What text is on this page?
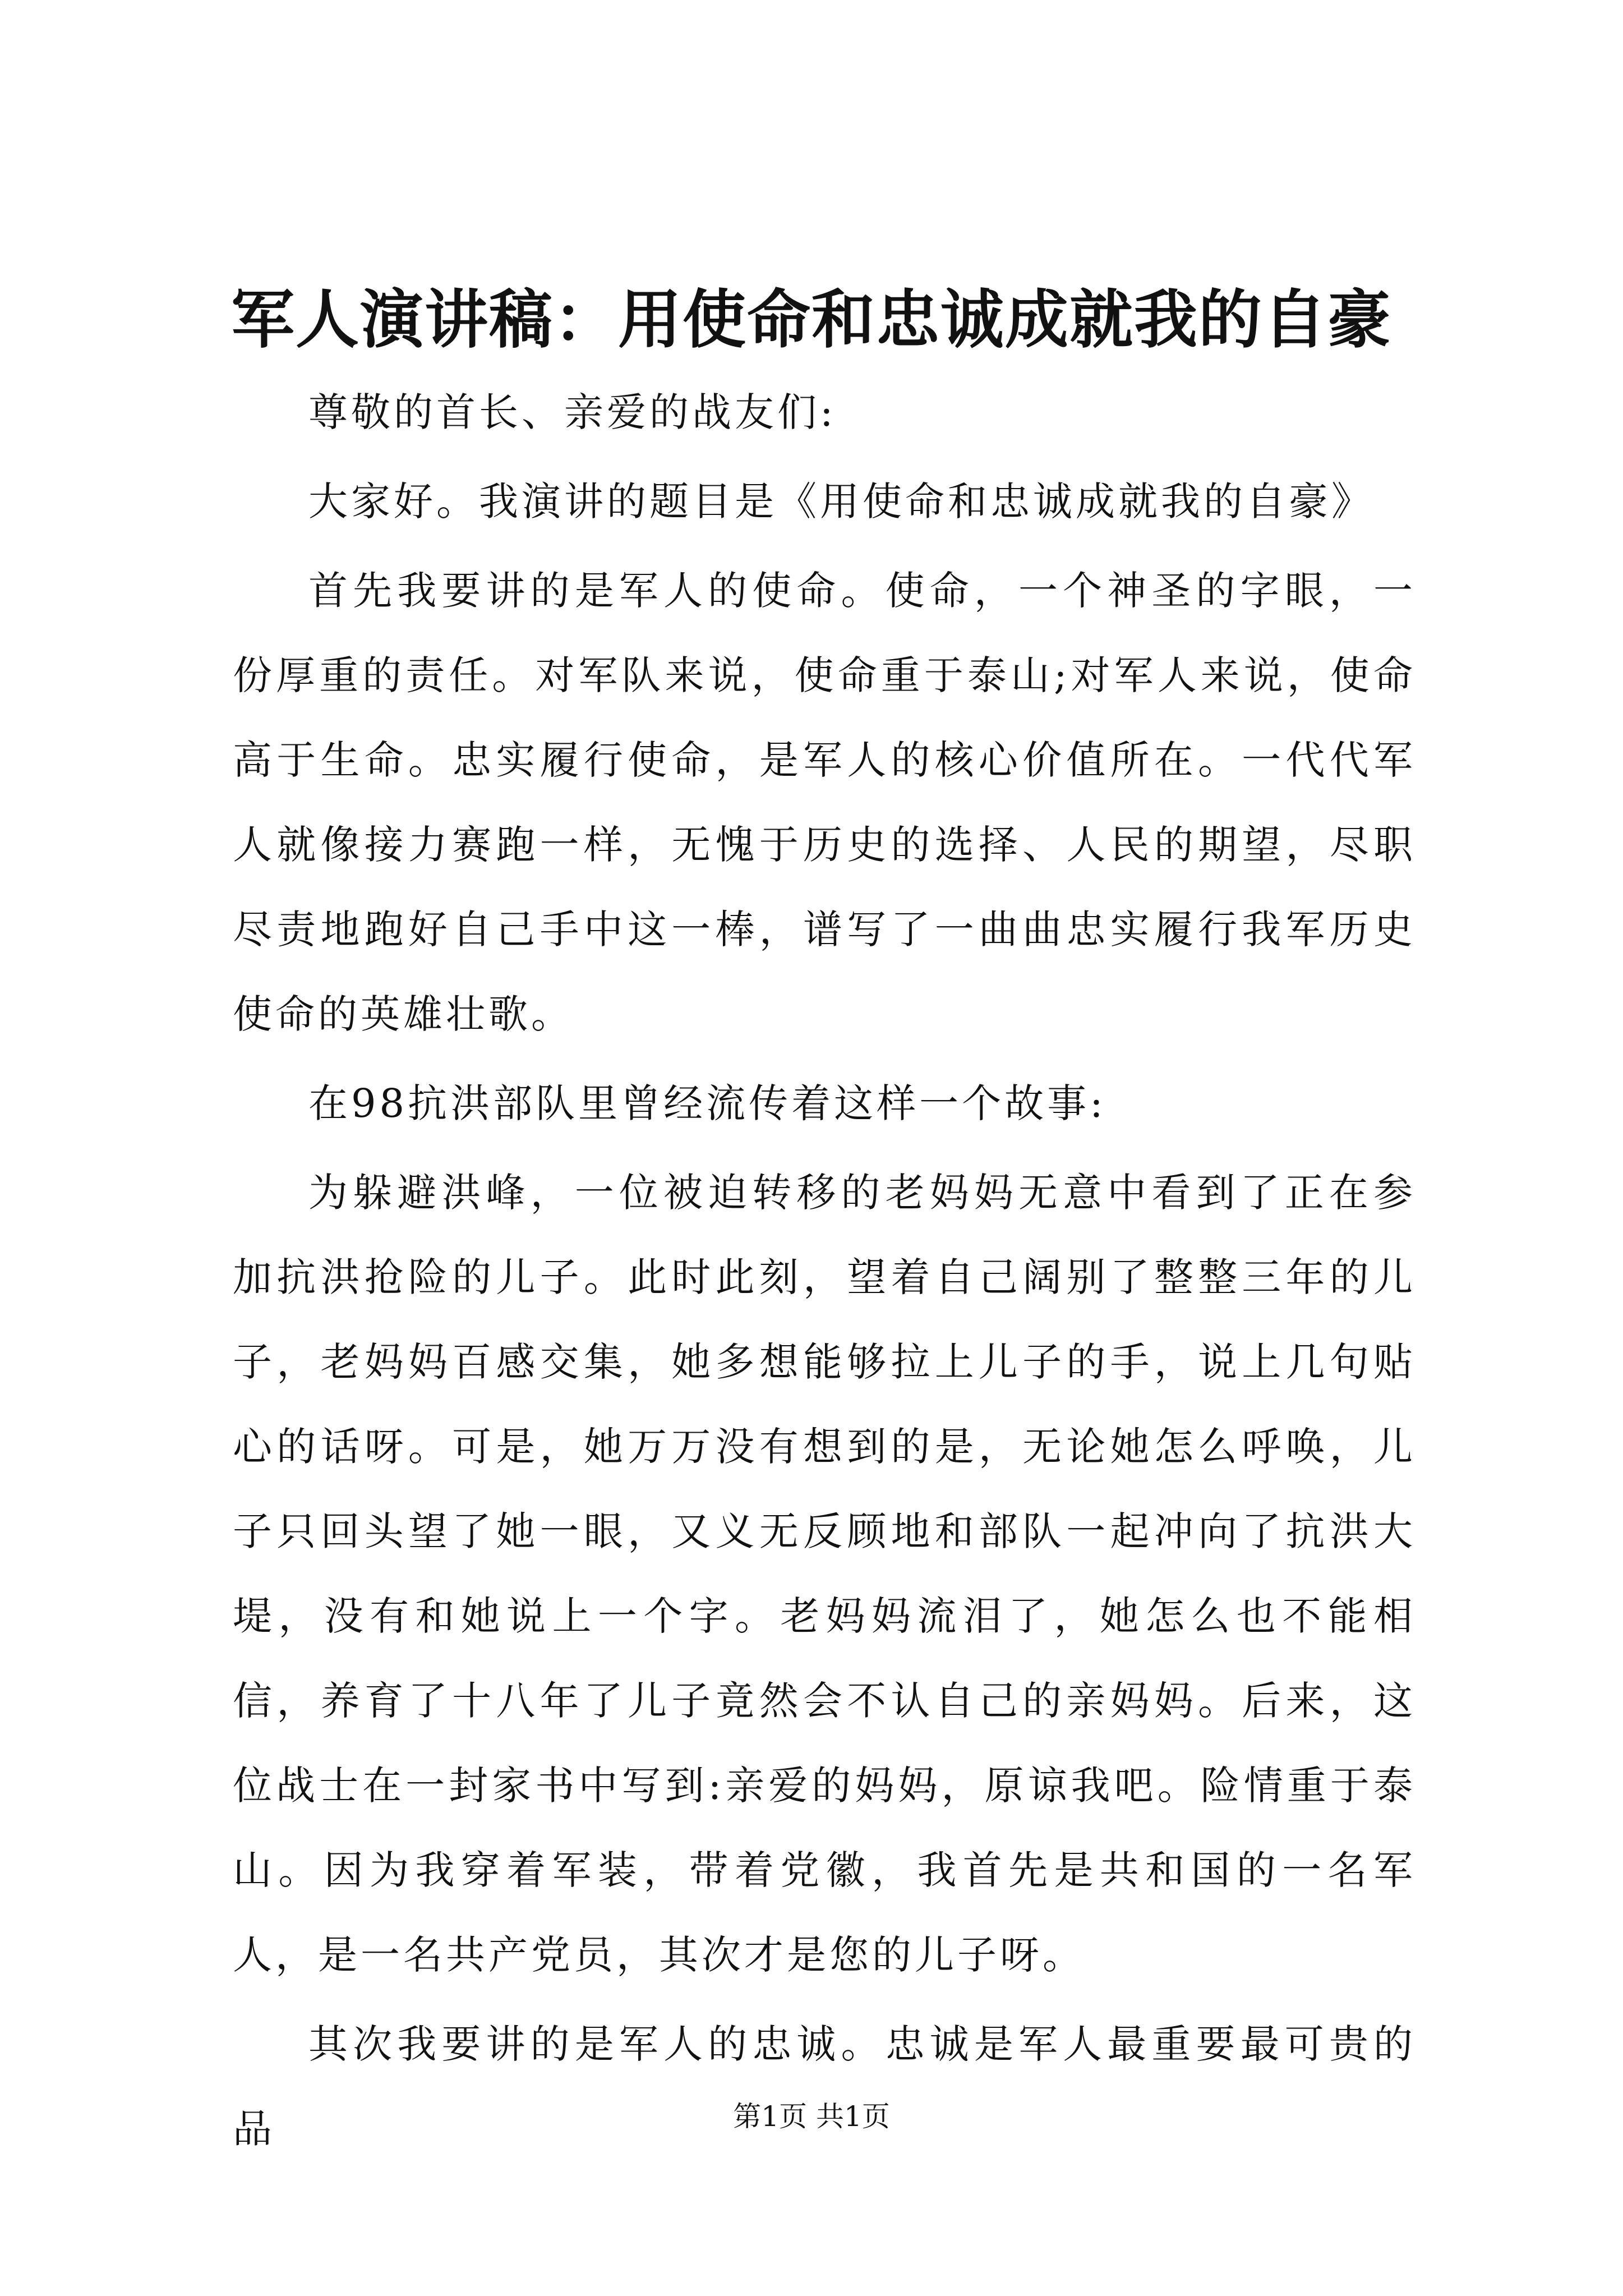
军人演讲稿：用使命和忠诚成就我的自豪

尊敬的首长、亲爱的战友们:

大家好。我演讲的题目是《用使命和忠诚成就我的自豪》

首先我要讲的是军人的使命。使命，一个神圣的字眼，一份厚重的责任。对军队来说，使命重于泰山;对军人来说，使命高于生命。忠实履行使命，是军人的核心价值所在。一代代军人就像接力赛跑一样，无愧于历史的选择、人民的期望，尽职尽责地跑好自己手中这一棒，谱写了一曲曲忠实履行我军历史使命的英雄壮歌。

在98抗洪部队里曾经流传着这样一个故事:

为躲避洪峰，一位被迫转移的老妈妈无意中看到了正在参加抗洪抢险的儿子。此时此刻，望着自己阔别了整整三年的儿子，老妈妈百感交集，她多想能够拉上儿子的手，说上几句贴心的话呀。可是，她万万没有想到的是，无论她怎么呼唤，儿子只回头望了她一眼，又义无反顾地和部队一起冲向了抗洪大堤，没有和她说上一个字。老妈妈流泪了，她怎么也不能相信，养育了十八年了儿子竟然会不认自己的亲妈妈。后来，这位战士在一封家书中写到:亲爱的妈妈，原谅我吧。险情重于泰山。因为我穿着军装，带着党徽，我首先是共和国的一名军人，是一名共产党员，其次才是您的儿子呀。

其次我要讲的是军人的忠诚。忠诚是军人最重要最可贵的品	第1页 共1页
